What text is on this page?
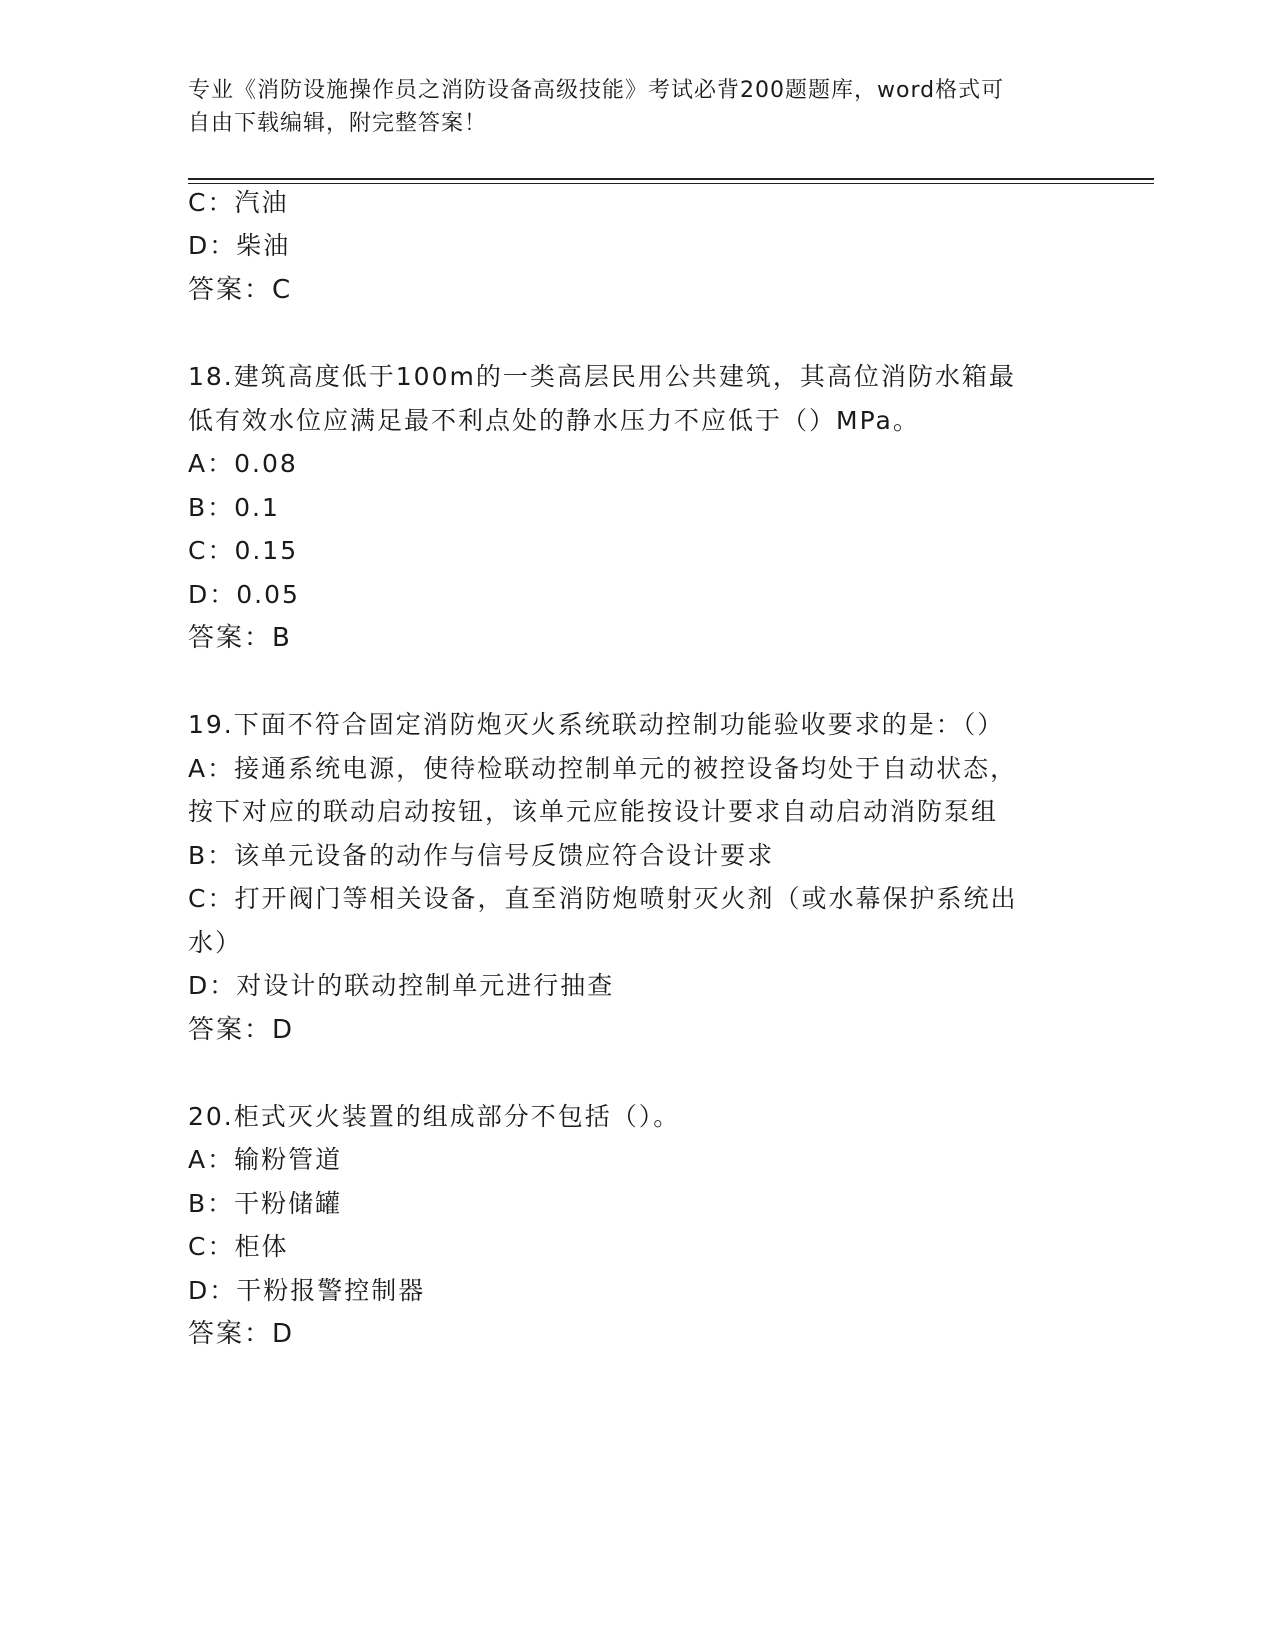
专业《消防设施操作员之消防设备高级技能》考试必背200题题库，word格式可
自由下载编辑，附完整答案！
C：汽油
D：柴油
答案：C
18.建筑高度低于100m的一类高层民用公共建筑，其高位消防水箱最
低有效水位应满足最不利点处的静水压力不应低于（）MPa。
A：0.08
B：0.1
C：0.15
D：0.05
答案：B
19.下面不符合固定消防炮灭火系统联动控制功能验收要求的是：（）
A：接通系统电源，使待检联动控制单元的被控设备均处于自动状态，
按下对应的联动启动按钮，该单元应能按设计要求自动启动消防泵组
B：该单元设备的动作与信号反馈应符合设计要求
C：打开阀门等相关设备，直至消防炮喷射灭火剂（或水幕保护系统出
水）
D：对设计的联动控制单元进行抽查
答案：D
20.柜式灭火装置的组成部分不包括（）。
A：输粉管道
B：干粉储罐
C：柜体
D：干粉报警控制器
答案：D
